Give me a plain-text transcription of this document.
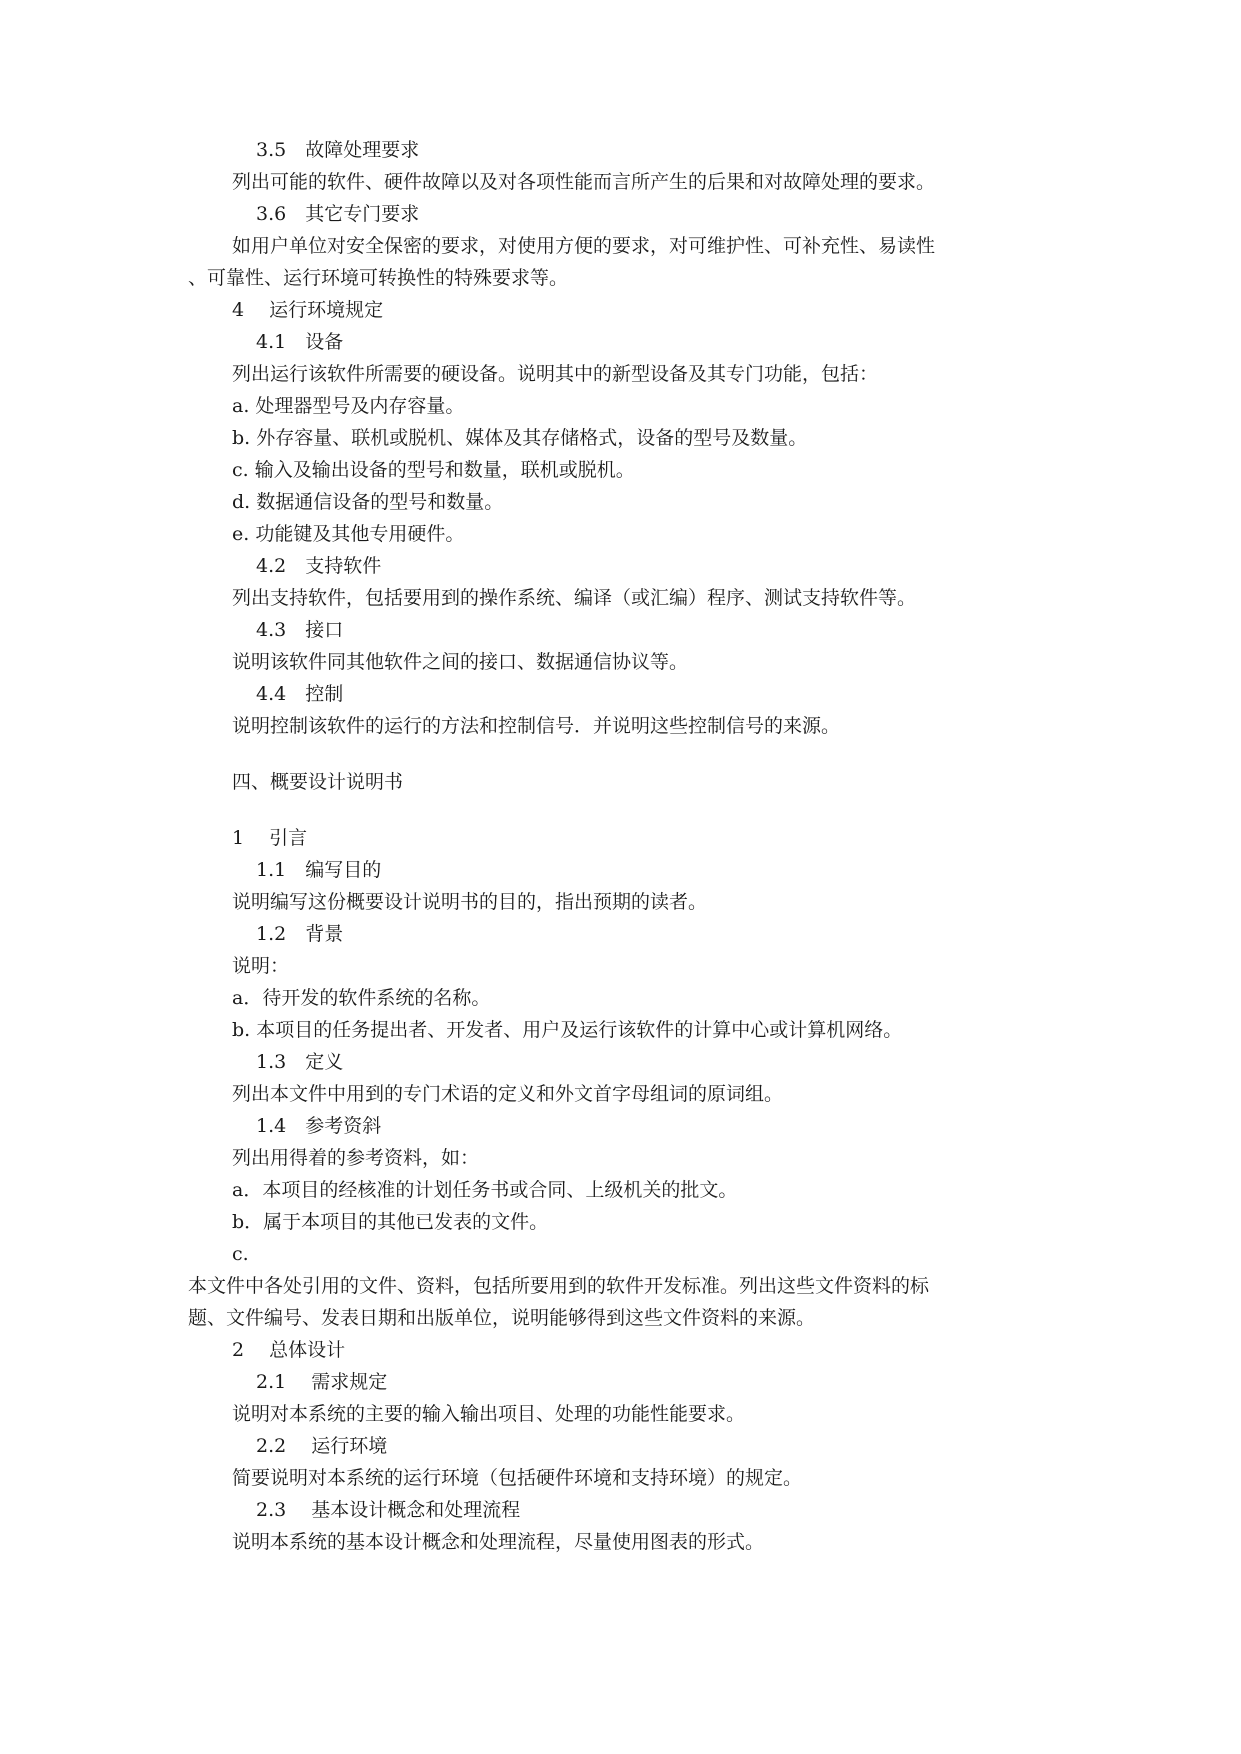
3.5　故障处理要求
列出可能的软件、硬件故障以及对各项性能而言所产生的后果和对故障处理的要求。
3.6　其它专门要求
如用户单位对安全保密的要求，对使用方便的要求，对可维护性、可补充性、易读性
、可靠性、运行环境可转换性的特殊要求等。
4　 运行环境规定
4.1　设备
列出运行该软件所需要的硬设备。说明其中的新型设备及其专门功能，包括：
a. 处理器型号及内存容量。
b. 外存容量、联机或脱机、媒体及其存储格式，设备的型号及数量。
c. 输入及输出设备的型号和数量，联机或脱机。
d. 数据通信设备的型号和数量。
e. 功能键及其他专用硬件。
4.2　支持软件
列出支持软件，包括要用到的操作系统、编译（或汇编）程序、测试支持软件等。
4.3　接口
说明该软件同其他软件之间的接口、数据通信协议等。
4.4　控制
说明控制该软件的运行的方法和控制信号．并说明这些控制信号的来源。
四、概要设计说明书
1　 引言
1.1　编写目的
说明编写这份概要设计说明书的目的，指出预期的读者。
1.2　背景
说明：
a．待开发的软件系统的名称。
b. 本项目的任务提出者、开发者、用户及运行该软件的计算中心或计算机网络。
1.3　定义
列出本文件中用到的专门术语的定义和外文首字母组词的原词组。
1.4　参考资斜
列出用得着的参考资料，如：
a．本项目的经核准的计划任务书或合同、上级机关的批文。
b．属于本项目的其他已发表的文件。
c.
本文件中各处引用的文件、资料，包括所要用到的软件开发标准。列出这些文件资料的标
题、文件编号、发表日期和出版单位，说明能够得到这些文件资料的来源。
2　 总体设计
2.1　 需求规定
说明对本系统的主要的输入输出项目、处理的功能性能要求。
2.2　 运行环境
简要说明对本系统的运行环境（包括硬件环境和支持环境）的规定。
2.3　 基本设计概念和处理流程
说明本系统的基本设计概念和处理流程，尽量使用图表的形式。
